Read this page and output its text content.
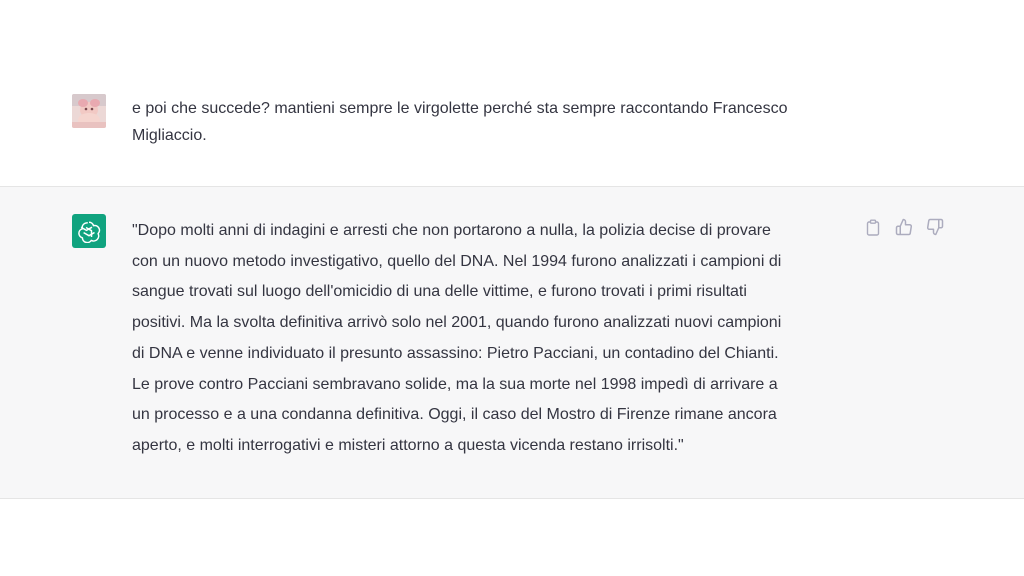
e poi che succede? mantieni sempre le virgolette perché sta sempre raccontando Francesco
Migliaccio.
"Dopo molti anni di indagini e arresti che non portarono a nulla, la polizia decise di provare
con un nuovo metodo investigativo, quello del DNA. Nel 1994 furono analizzati i campioni di
sangue trovati sul luogo dell'omicidio di una delle vittime, e furono trovati i primi risultati
positivi. Ma la svolta definitiva arrivò solo nel 2001, quando furono analizzati nuovi campioni
di DNA e venne individuato il presunto assassino: Pietro Pacciani, un contadino del Chianti.
Le prove contro Pacciani sembravano solide, ma la sua morte nel 1998 impedì di arrivare a
un processo e a una condanna definitiva. Oggi, il caso del Mostro di Firenze rimane ancora
aperto, e molti interrogativi e misteri attorno a questa vicenda restano irrisolti."
